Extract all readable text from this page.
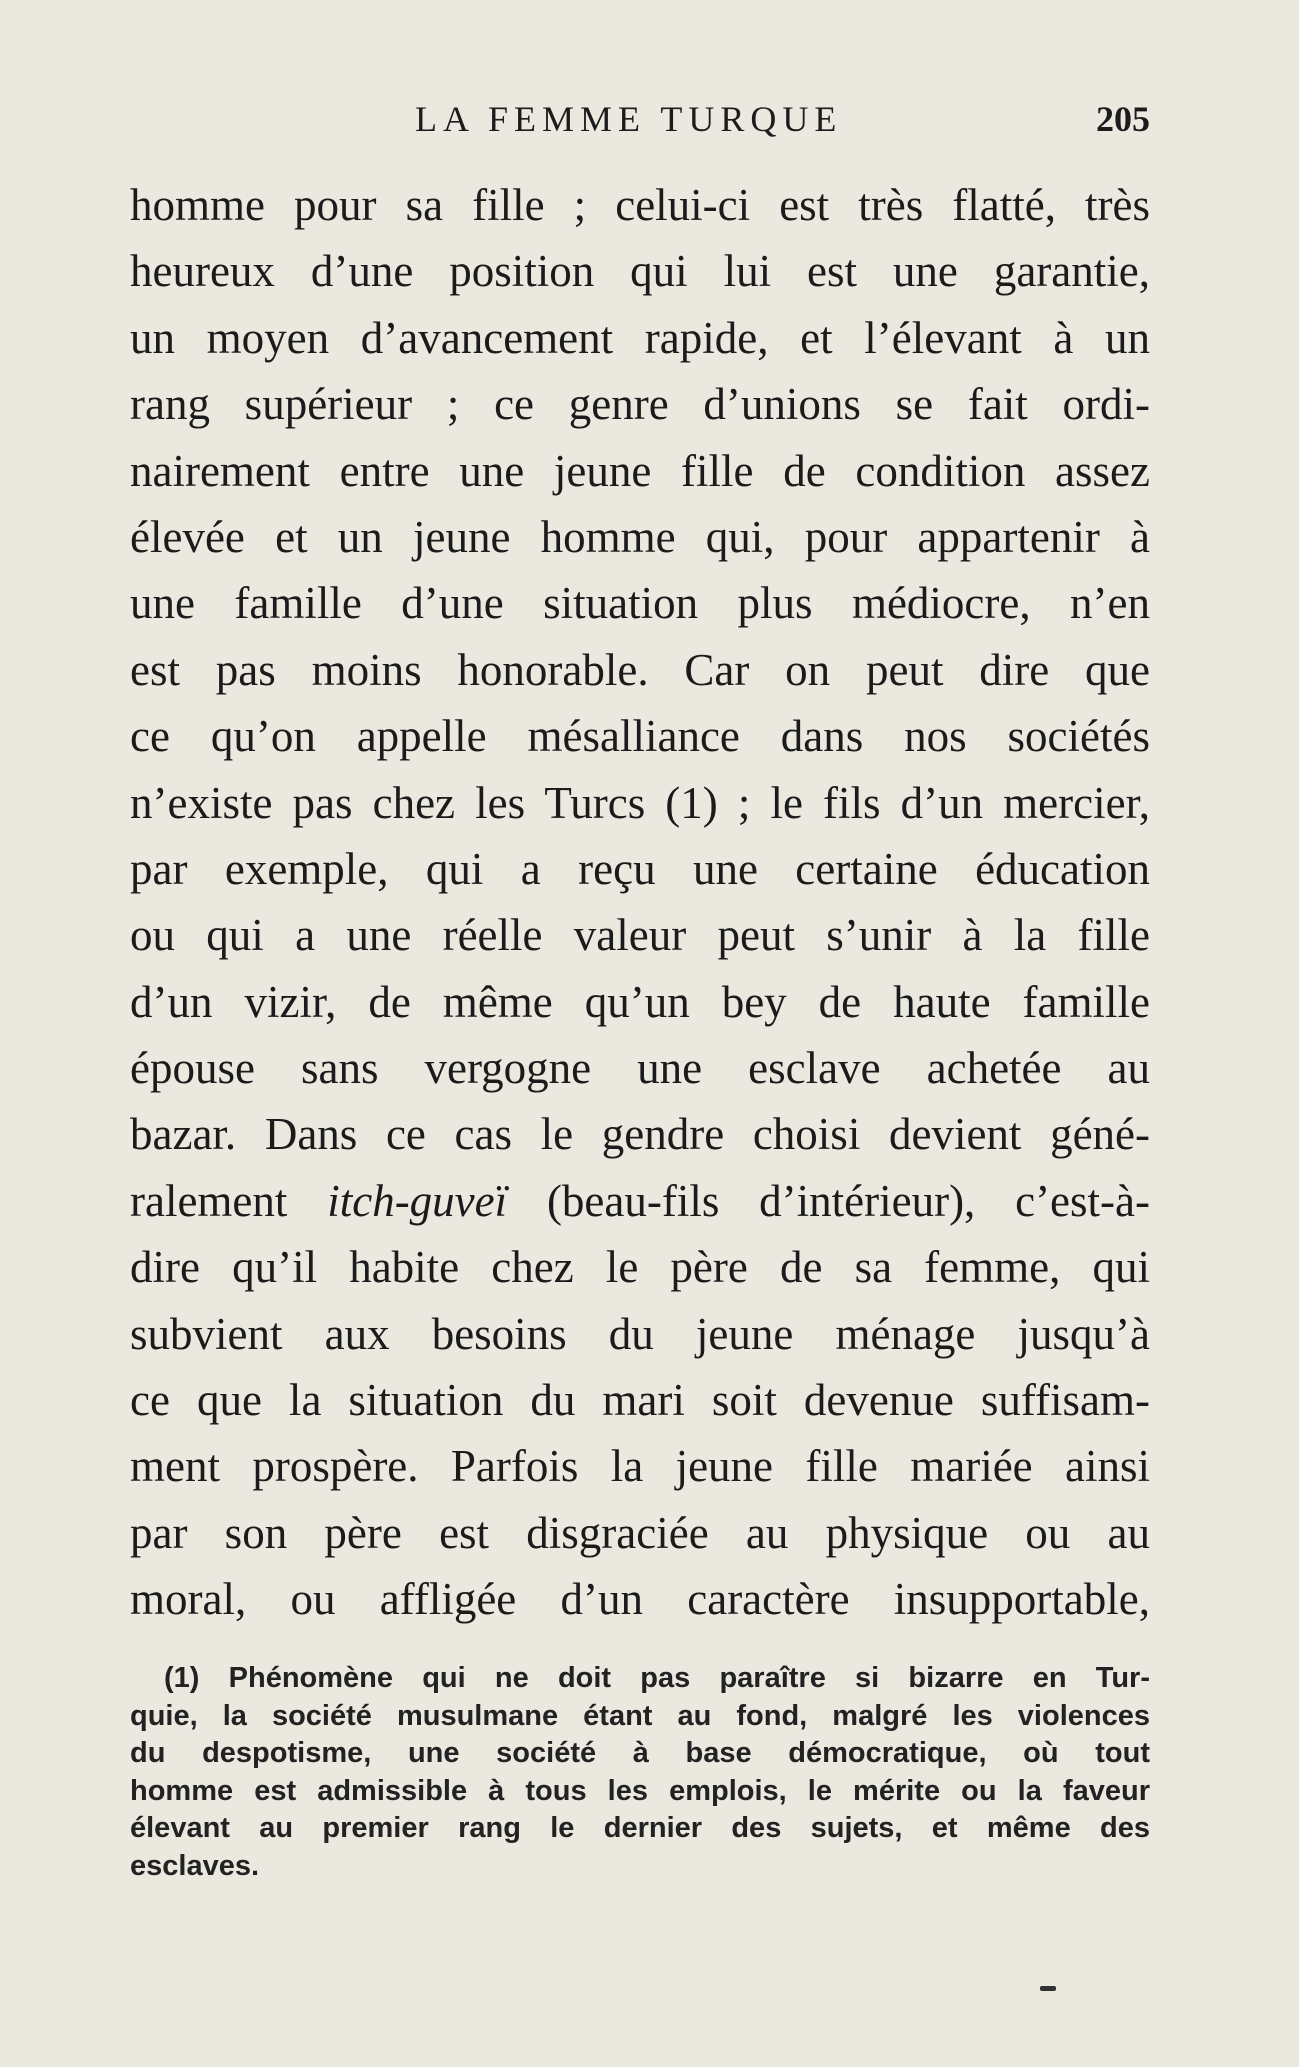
LA FEMME TURQUE	205
homme pour sa fille ; celui-ci est très flatté, très
heureux d’une position qui lui est une garantie,
un moyen d’avancement rapide, et l’élevant à un
rang supérieur ; ce genre d’unions se fait ordi-
nairement entre une jeune fille de condition assez
élevée et un jeune homme qui, pour appartenir à
une famille d’une situation plus médiocre, n’en
est pas moins honorable. Car on peut dire que
ce qu’on appelle mésalliance dans nos sociétés
n’existe pas chez les Turcs (1) ; le fils d’un mercier,
par exemple, qui a reçu une certaine éducation
ou qui a une réelle valeur peut s’unir à la fille
d’un vizir, de même qu’un bey de haute famille
épouse sans vergogne une esclave achetée au
bazar. Dans ce cas le gendre choisi devient géné-
ralement itch-guveï (beau-fils d’intérieur), c’est-à-
dire qu’il habite chez le père de sa femme, qui
subvient aux besoins du jeune ménage jusqu’à
ce que la situation du mari soit devenue suffisam-
ment prospère. Parfois la jeune fille mariée ainsi
par son père est disgraciée au physique ou au
moral, ou affligée d’un caractère insupportable,
(1) Phénomène qui ne doit pas paraître si bizarre en Tur-
quie, la société musulmane étant au fond, malgré les violences
du despotisme, une société à base démocratique, où tout
homme est admissible à tous les emplois, le mérite ou la faveur
élevant au premier rang le dernier des sujets, et même des
esclaves.
